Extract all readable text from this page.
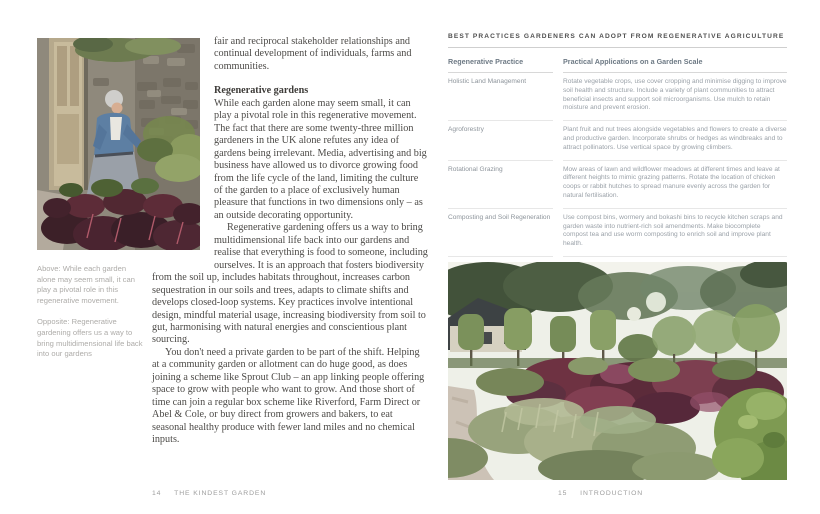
fair and reciprocal stakeholder relationships and continual development of individuals, farms and communities.

Regenerative gardens

While each garden alone may seem small, it can play a pivotal role in this regenerative movement. The fact that there are some twenty-three million gardeners in the UK alone refutes any idea of gardens being irrelevant. Media, advertising and big business have allowed us to divorce growing food from the life cycle of the land, limiting the culture of the garden to a place of exclusively human pleasure that functions in two dimensions only – as an outside decorating opportunity.

Regenerative gardening offers us a way to bring multidimensional life back into our gardens and realise that everything is food to someone, including ourselves. It is an approach that fosters biodiversity from the soil up, includes habitats throughout, increases carbon sequestration in our soils and trees, adapts to climate shifts and develops closed-loop systems. Key practices involve intentional design, mindful material usage, increasing biodiversity from soil to gut, harmonising with natural energies and conscientious plant sourcing.

You don't need a private garden to be part of the shift. Helping at a community garden or allotment can do huge good, as does joining a scheme like Sprout Club – an app linking people offering space to grow with people who want to grow. And those short of time can join a regular box scheme like Riverford, Farm Direct or Abel & Cole, or buy direct from growers and bakers, to eat seasonal healthy produce with fewer land miles and no chemical inputs.

Above: While each garden alone may seem small, it can play a pivotal role in this regenerative movement.

Opposite: Regenerative gardening offers us a way to bring multidimensional life back into our gardens

14 THE KINDEST GARDEN
BEST PRACTICES GARDENERS CAN ADOPT FROM REGENERATIVE AGRICULTURE
Regenerative Practice	Practical Applications on a Garden Scale
Holistic Land Management	Rotate vegetable crops, use cover cropping and minimise digging to improve soil health and structure. Include a variety of plant communities to attract beneficial insects and support soil microorganisms. Use mulch to retain moisture and prevent erosion.
Agroforestry	Plant fruit and nut trees alongside vegetables and flowers to create a diverse and productive garden. Incorporate shrubs or hedges as windbreaks and to attract pollinators. Use vertical space by growing climbers.
Rotational Grazing	Mow areas of lawn and wildflower meadows at different times and leave at different heights to mimic grazing patterns. Rotate the location of chicken coops or rabbit hutches to spread manure evenly across the garden for natural fertilisation.
Composting and Soil Regeneration	Use compost bins, wormery and bokashi bins to recycle kitchen scraps and garden waste into nutrient-rich soil amendments. Make biocomplete compost tea and use worm composting to enrich soil and improve plant health.
15 INTRODUCTION
